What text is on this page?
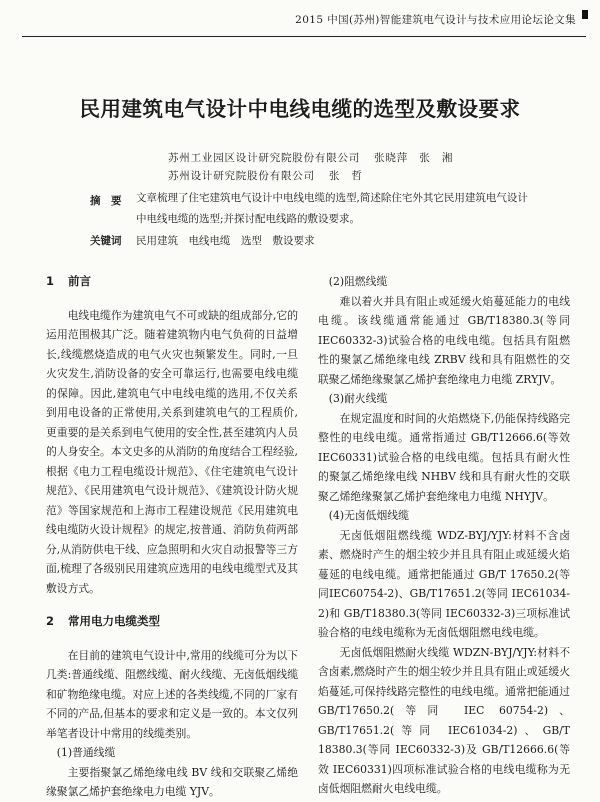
2015 中国(苏州)智能建筑电气设计与技术应用论坛论文集
民用建筑电气设计中电线电缆的选型及敷设要求
苏州工业园区设计研究院股份有限公司 张晓萍　张　湘
苏州设计研究院股份有限公司 张　哲
摘　要 文章梳理了住宅建筑电气设计中电线电缆的选型,简述除住宅外其它民用建筑电气设计中电线电缆的选型;并探讨配电线路的敷设要求。
关键词 民用建筑　电线电缆　选型　敷设要求
1 前言

电线电缆作为建筑电气不可或缺的组成部分,它的运用范围极其广泛。随着建筑物内电气负荷的日益增长,线缆燃烧造成的电气火灾也频繁发生。同时,一旦火灾发生,消防设备的安全可靠运行,也需要电线电缆的保障。因此,建筑电气中电线电缆的选用,不仅关系到用电设备的正常使用,关系到建筑电气的工程质价,更重要的是关系到电气使用的安全性,甚至建筑内人员的人身安全。本文史多的从消防的角度结合工程经验,根据《电力工程电缆设计规范》、《住宅建筑电气设计规范》、《民用建筑电气设计规范》、《建筑设计防火规范》等国家规范和上海市工程建设规范《民用建筑电线电缆防火设计规程》的规定,按普通、消防负荷两部分,从消防供电干线、应急照明和火灾自动报警等三方面,梳理了各级别民用建筑应选用的电线电缆型式及其敷设方式。

2 常用电力电缆类型

在目前的建筑电气设计中,常用的线缆可分为以下几类:普通线缆、阻燃线缆、耐火线缆、无卤低烟线缆和矿物绝缘电缆。对应上述的各类线缆,不同的厂家有不同的产品,但基本的要求和定义是一致的。本文仅列举笔者设计中常用的线缆类别。

(1)普通线缆

主要指聚氯乙烯绝缘电线 BV 线和交联聚乙烯绝缘聚氯乙烯护套绝缘电力电缆 YJV。

(2)阻燃线缆

难以着火并具有阻止或延缓火焰蔓延能力的电线电缆。该线缆通常能通过 GB/T18380.3(等同IEC60332-3)试验合格的电线电缆。包括具有阻燃性的聚氯乙烯绝缘电线 ZRBV 线和具有阻燃性的交联聚乙烯绝缘聚氯乙烯护套绝缘电力电缆 ZRYJV。

(3)耐火线缆

在规定温度和时间的火焰燃烧下,仍能保持线路完整性的电线电缆。通常指通过 GB/T12666.6(等效IEC60331)试验合格的电线电缆。包括具有耐火性的聚氯乙烯绝缘电线 NHBV 线和具有耐火性的交联聚乙烯绝缘聚氯乙烯护套绝缘电力电缆 NHYJV。

(4)无卤低烟线缆

无卤低烟阻燃线缆 WDZ-BYJ/YJY:材料不含卤素、燃烧时产生的烟尘较少并且具有阻止或延缓火焰蔓延的电线电缆。通常把能通过 GB/T 17650.2(等同IEC60754-2)、GB/T17651.2(等同 IEC61034-2)和 GB/T18380.3(等同 IEC60332-3)三项标准试验合格的电线电缆称为无卤低烟阻燃电线电缆。

无卤低烟阻燃耐火线缆 WDZN-BYJ/YJY:材料不含卤素,燃烧时产生的烟尘较少并且具有阻止或延缓火焰蔓延,可保持线路完整性的电线电缆。通常把能通过 GB/T17650.2(等同 IEC 60754-2)、GB/T17651.2(等同 IEC61034-2)、GB/T 18380.3(等同 IEC60332-3)及 GB/T12666.6(等效 IEC60331)四项标准试验合格的电线电缆称为无卤低烟阻燃耐火电线电缆。
